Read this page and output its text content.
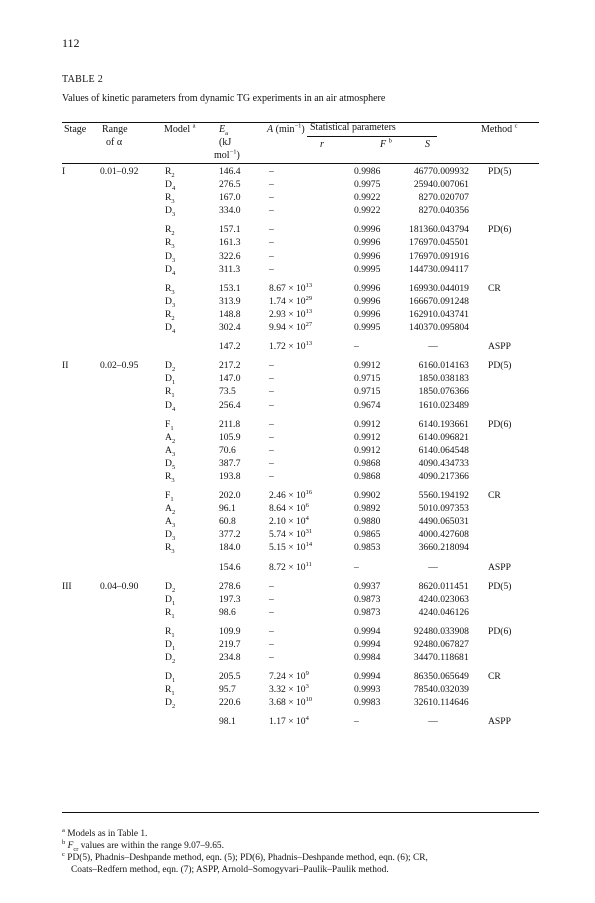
112
TABLE 2
Values of kinetic parameters from dynamic TG experiments in an air atmosphere
Stage Range
of α
Model $^a$ $E_a$
(kJ
mol$^{-1}$)
A $(\min^{-1})$ Statistical parameters
r	F $^b$	S
Method $^c$
I	0.01–0.92	$R_2$	146.4	–	0.9986	4677	0.009932	PD(5)
		$D_4$	276.5	–	0.9975	2594	0.007061	
		$R_3$	167.0	–	0.9922	827	0.020707	
		$D_3$	334.0	–	0.9922	827	0.040356	

		$R_2$	157.1	–	0.9996	18136	0.043794	PD(6)
		$R_3$	161.3	–	0.9996	17697	0.045501	
		$D_3$	322.6	–	0.9996	17697	0.091916	
		$D_4$	311.3	–	0.9995	14473	0.094117	

		$R_3$	153.1	$8.67 \times 10^{13}$	0.9996	16993	0.044019	CR
		$D_3$	313.9	$1.74 \times 10^{29}$	0.9996	16667	0.091248	
		$R_2$	148.8	$2.93 \times 10^{13}$	0.9996	16291	0.043741	
		$D_4$	302.4	$9.94 \times 10^{27}$	0.9995	14037	0.095804	

			147.2	$1.72 \times 10^{13}$	–	–	–	ASPP

II	0.02–0.95	$D_2$	217.2	–	0.9912	616	0.014163	PD(5)
		$D_1$	147.0	–	0.9715	185	0.038183	
		$R_1$	73.5	–	0.9715	185	0.076366	
		$D_4$	256.4	–	0.9674	161	0.023489	

		$F_1$	211.8	–	0.9912	614	0.193661	PD(6)
		$A_2$	105.9	–	0.9912	614	0.096821	
		$A_3$	70.6	–	0.9912	614	0.064548	
		$D_5$	387.7	–	0.9868	409	0.434733	
		$R_3$	193.8	–	0.9868	409	0.217366	

		$F_1$	202.0	$2.46 \times 10^{16}$	0.9902	556	0.194192	CR
		$A_2$	96.1	$8.64 \times 10^6$	0.9892	501	0.097353	
		$A_3$	60.8	$2.10 \times 10^4$	0.9880	449	0.065031	
		$D_3$	377.2	$5.74 \times 10^{31}$	0.9865	400	0.427608	
		$R_3$	184.0	$5.15 \times 10^{14}$	0.9853	366	0.218094	

			154.6	$8.72 \times 10^{11}$	–	–	–	ASPP

III	0.04–0.90	$D_2$	278.6	–	0.9937	862	0.011451	PD(5)
		$D_1$	197.3	–	0.9873	424	0.023063	
		$R_1$	98.6	–	0.9873	424	0.046126	

		$R_1$	109.9	–	0.9994	9248	0.033908	PD(6)
		$D_1$	219.7	–	0.9994	9248	0.067827	
		$D_2$	234.8	–	0.9984	3447	0.118681	

		$D_1$	205.5	$7.24 \times 10^9$	0.9994	8635	0.065649	CR
		$R_1$	95.7	$3.32 \times 10^3$	0.9993	7854	0.032039	
		$D_2$	220.6	$3.68 \times 10^{10}$	0.9983	3261	0.114646	

			98.1	$1.17 \times 10^4$	–	–	–	ASPP
$^a$ Models as in Table 1.
$^b$ $F_{cr}$ values are within the range 9.07–9.65.
$^c$ PD(5), Phadnis–Deshpande method, eqn. (5); PD(6), Phadnis–Deshpande method, eqn. (6); CR,
Coats–Redfern method, eqn. (7); ASPP, Arnold–Somogyvari–Paulik–Paulik method.
